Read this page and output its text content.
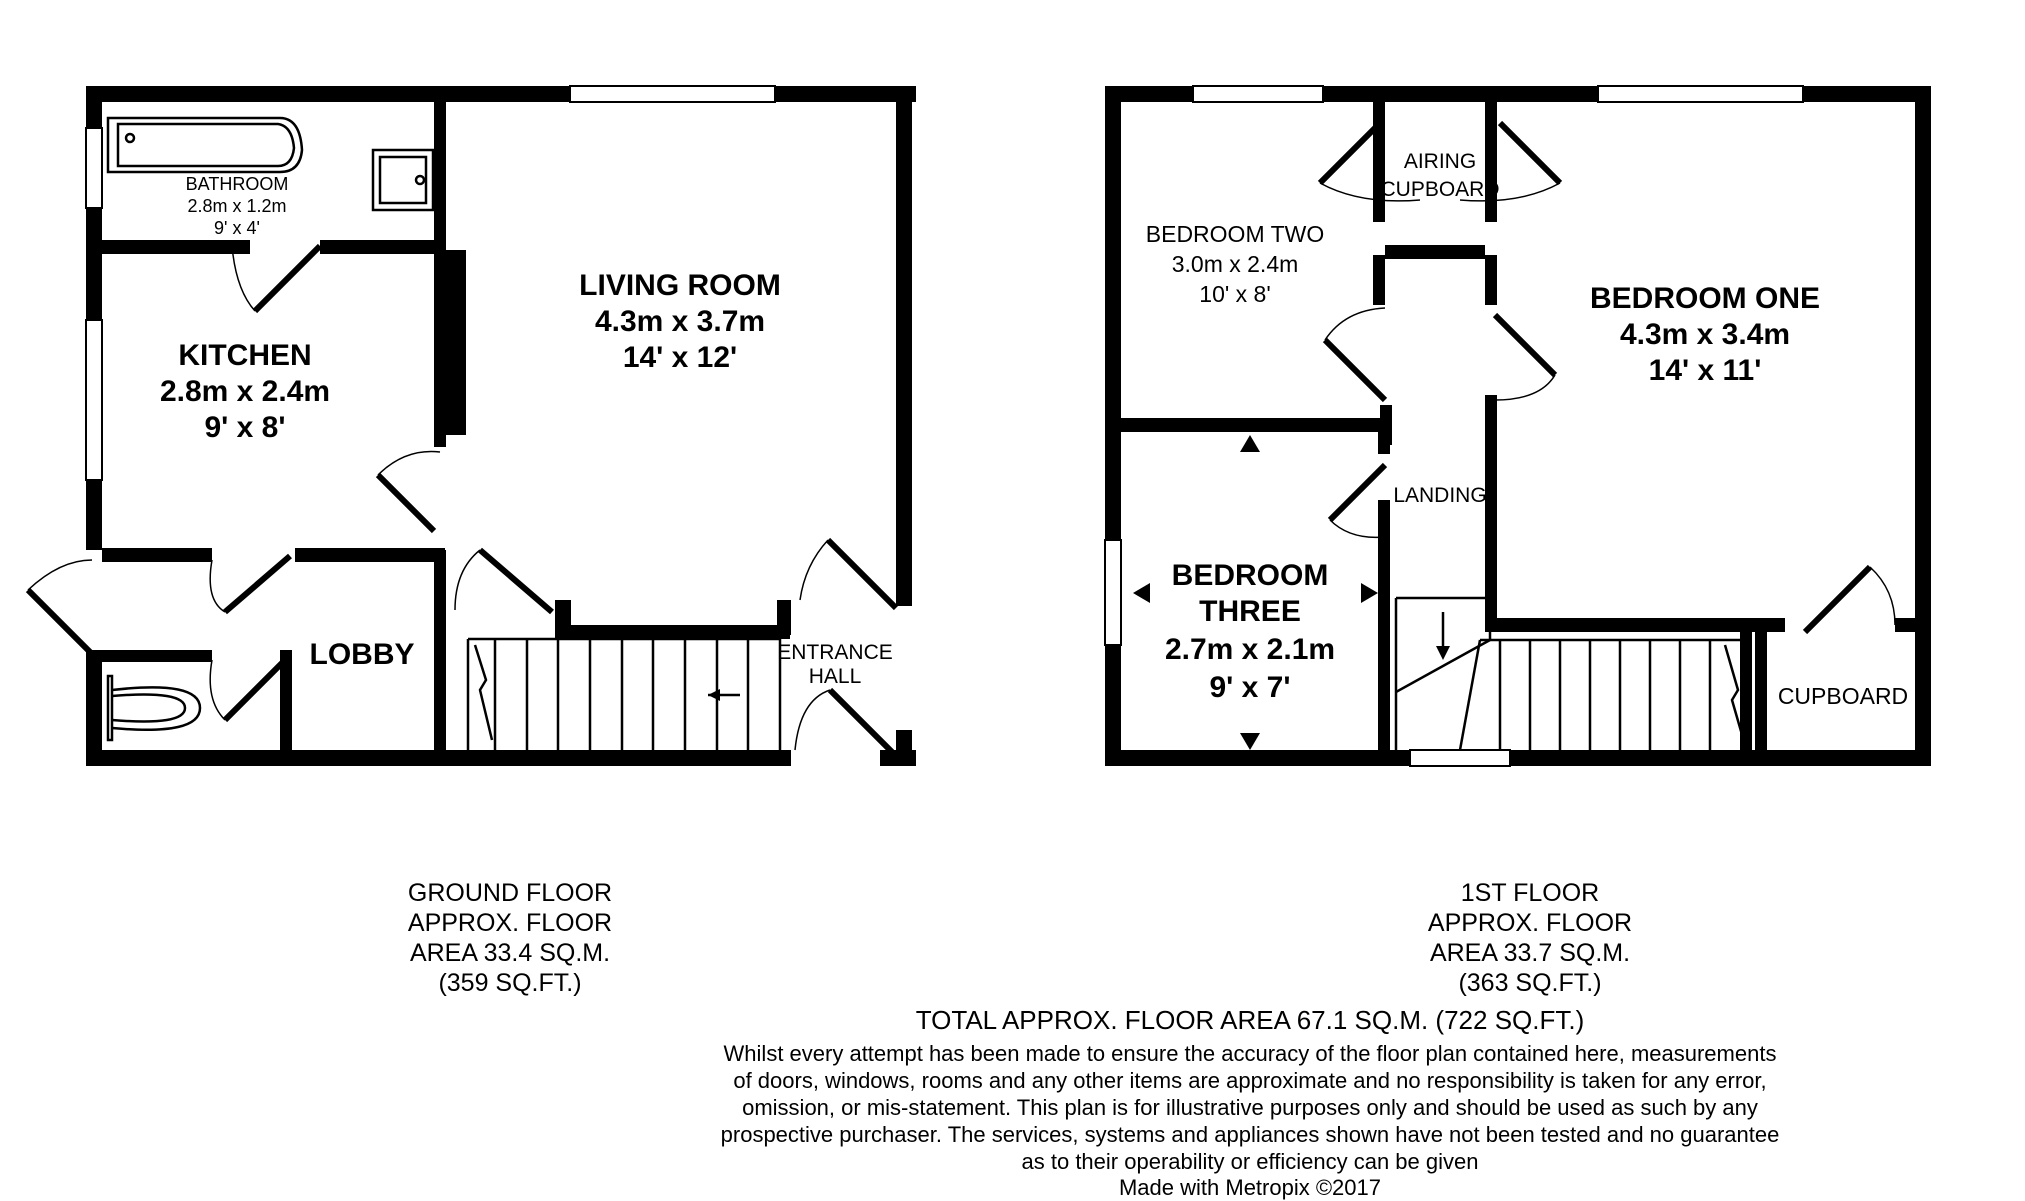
BATHROOM
2.8m x 1.2m
9' x 4'
KITCHEN
2.8m x 2.4m
9' x 8'
LIVING ROOM
4.3m x 3.7m
14' x 12'
LOBBY	ENTRANCE
HALL
AIRING
CUPBOARD
BEDROOM TWO
3.0m x 2.4m
10' x 8'	BEDROOM ONE
4.3m x 3.4m
14' x 11'
LANDING
BEDROOM
THREE
2.7m x 2.1m
9' x 7'	CUPBOARD
GROUND FLOOR
APPROX. FLOOR
AREA 33.4 SQ.M.
(359 SQ.FT.)
1ST FLOOR
APPROX. FLOOR
AREA 33.7 SQ.M.
(363 SQ.FT.)
TOTAL APPROX. FLOOR AREA 67.1 SQ.M. (722 SQ.FT.)
Whilst every attempt has been made to ensure the accuracy of the floor plan contained here, measurements
of doors, windows, rooms and any other items are approximate and no responsibility is taken for any error,
omission, or mis-statement. This plan is for illustrative purposes only and should be used as such by any
prospective purchaser. The services, systems and appliances shown have not been tested and no guarantee
as to their operability or efficiency can be given
Made with Metropix ©2017
